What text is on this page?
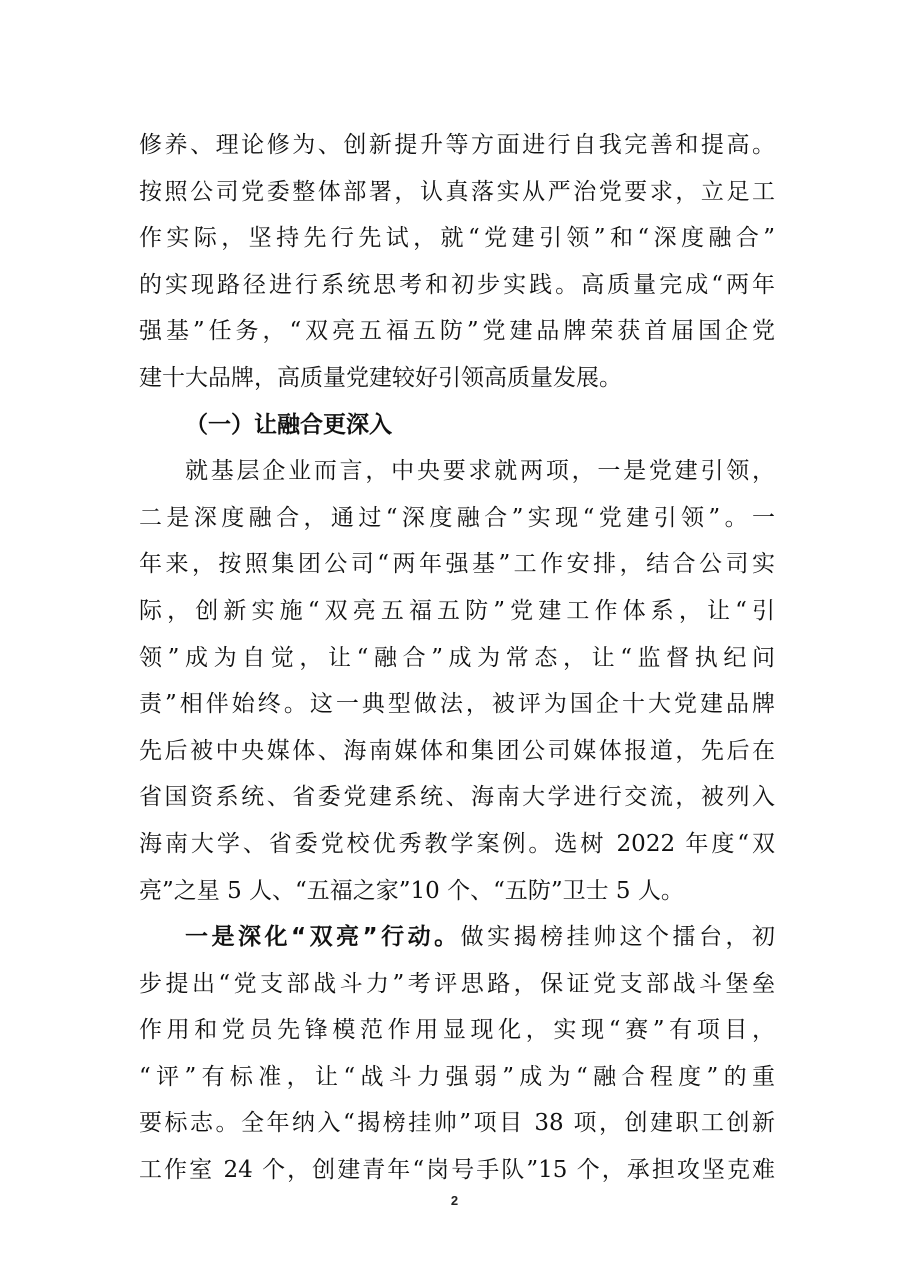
修养、理论修为、创新提升等方面进行自我完善和提高。
按照公司党委整体部署，认真落实从严治党要求，立足工
作实际，坚持先行先试，就“党建引领”和“深度融合”
的实现路径进行系统思考和初步实践。高质量完成“两年
强基”任务，“双亮五福五防”党建品牌荣获首届国企党
建十大品牌，高质量党建较好引领高质量发展。
（一）让融合更深入
就基层企业而言，中央要求就两项，一是党建引领，
二是深度融合，通过“深度融合”实现“党建引领”。一
年来，按照集团公司“两年强基”工作安排，结合公司实
际，创新实施“双亮五福五防”党建工作体系，让“引
领”成为自觉，让“融合”成为常态，让“监督执纪问
责”相伴始终。这一典型做法，被评为国企十大党建品牌
先后被中央媒体、海南媒体和集团公司媒体报道，先后在
省国资系统、省委党建系统、海南大学进行交流，被列入
海南大学、省委党校优秀教学案例。选树 2022 年度“双
亮”之星 5 人、“五福之家”10 个、“五防”卫士 5 人。
一是深化“双亮”行动。做实揭榜挂帅这个擂台，初
步提出“党支部战斗力”考评思路，保证党支部战斗堡垒
作用和党员先锋模范作用显现化，实现“赛”有项目，
“评”有标准，让“战斗力强弱”成为“融合程度”的重
要标志。全年纳入“揭榜挂帅”项目 38 项，创建职工创新
工作室 24 个，创建青年“岗号手队”15 个，承担攻坚克难
2
